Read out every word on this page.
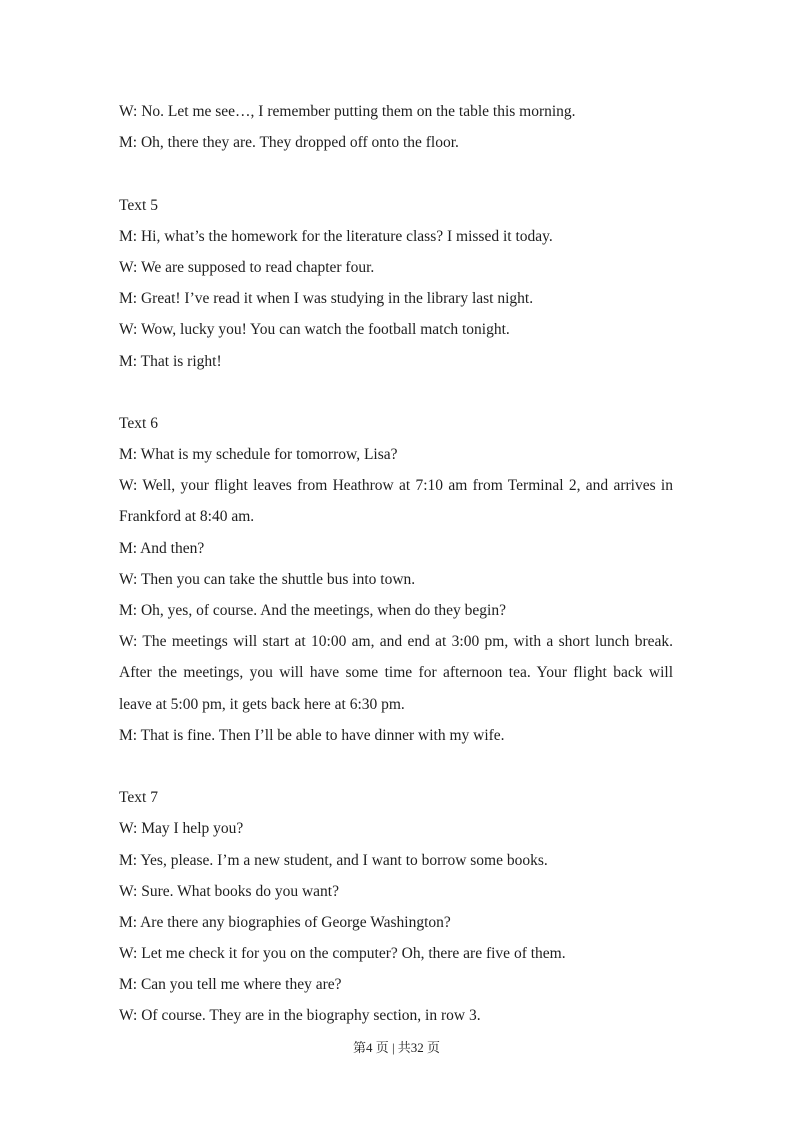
W: No. Let me see…, I remember putting them on the table this morning.
M: Oh, there they are. They dropped off onto the floor.
Text 5
M: Hi, what’s the homework for the literature class? I missed it today.
W: We are supposed to read chapter four.
M: Great! I’ve read it when I was studying in the library last night.
W: Wow, lucky you! You can watch the football match tonight.
M: That is right!
Text 6
M: What is my schedule for tomorrow, Lisa?
W: Well, your flight leaves from Heathrow at 7:10 am from Terminal 2, and arrives in
Frankford at 8:40 am.
M: And then?
W: Then you can take the shuttle bus into town.
M: Oh, yes, of course. And the meetings, when do they begin?
W: The meetings will start at 10:00 am, and end at 3:00 pm, with a short lunch break.
After the meetings, you will have some time for afternoon tea. Your flight back will
leave at 5:00 pm, it gets back here at 6:30 pm.
M: That is fine. Then I’ll be able to have dinner with my wife.
Text 7
W: May I help you?
M: Yes, please. I’m a new student, and I want to borrow some books.
W: Sure. What books do you want?
M: Are there any biographies of George Washington?
W: Let me check it for you on the computer? Oh, there are five of them.
M: Can you tell me where they are?
W: Of course. They are in the biography section, in row 3.
第4 页 | 共32 页
